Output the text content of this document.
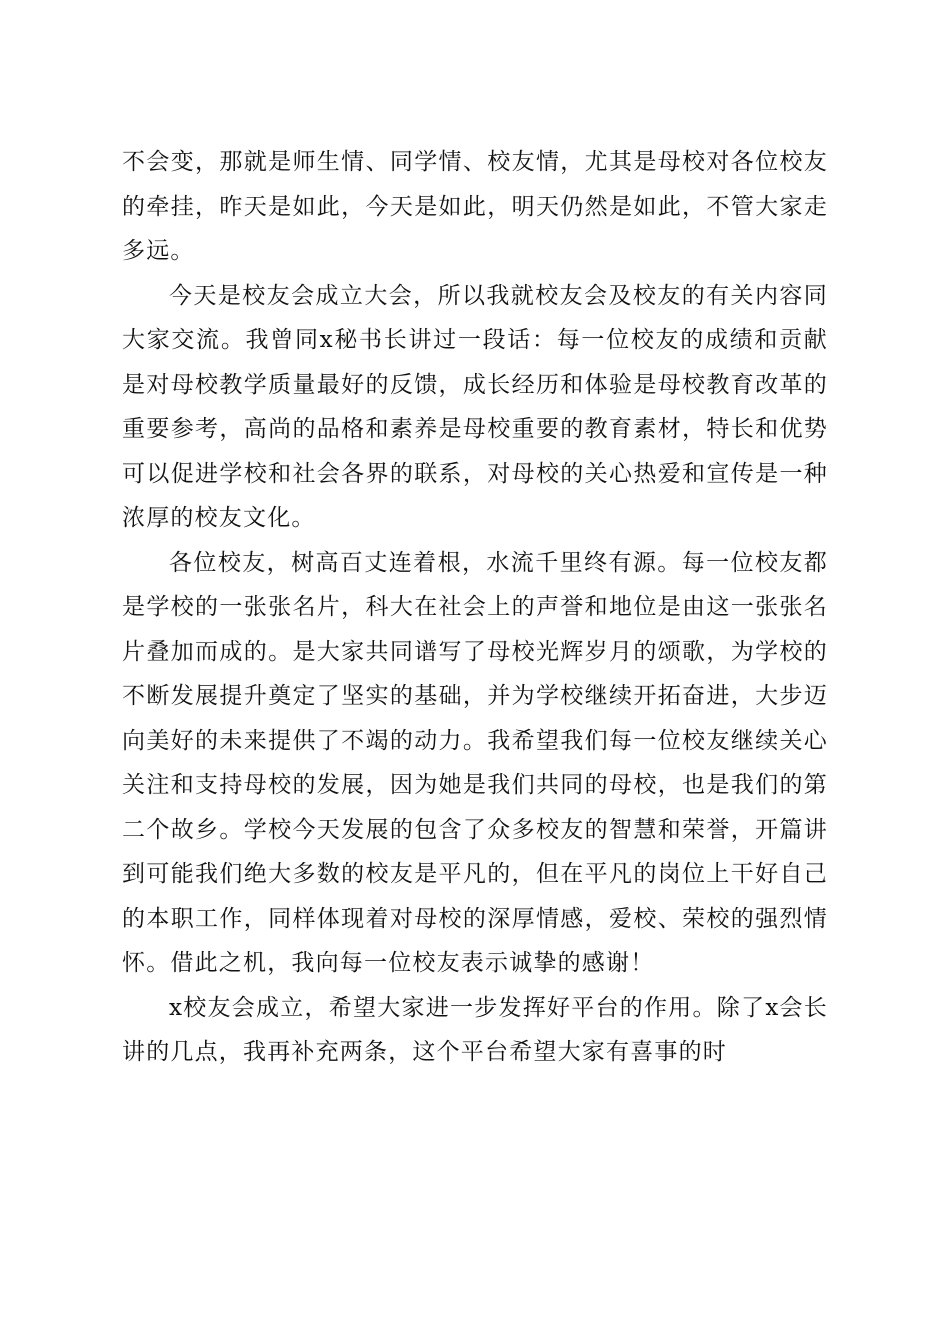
不会变，那就是师生情、同学情、校友情，尤其是母校对各位校友的牵挂，昨天是如此，今天是如此，明天仍然是如此，不管大家走多远。

今天是校友会成立大会，所以我就校友会及校友的有关内容同大家交流。我曾同x秘书长讲过一段话：每一位校友的成绩和贡献是对母校教学质量最好的反馈，成长经历和体验是母校教育改革的重要参考，高尚的品格和素养是母校重要的教育素材，特长和优势可以促进学校和社会各界的联系，对母校的关心热爱和宣传是一种浓厚的校友文化。

各位校友，树高百丈连着根，水流千里终有源。每一位校友都是学校的一张张名片，科大在社会上的声誉和地位是由这一张张名片叠加而成的。是大家共同谱写了母校光辉岁月的颂歌，为学校的不断发展提升奠定了坚实的基础，并为学校继续开拓奋进，大步迈向美好的未来提供了不竭的动力。我希望我们每一位校友继续关心关注和支持母校的发展，因为她是我们共同的母校，也是我们的第二个故乡。学校今天发展的包含了众多校友的智慧和荣誉，开篇讲到可能我们绝大多数的校友是平凡的，但在平凡的岗位上干好自己的本职工作，同样体现着对母校的深厚情感，爱校、荣校的强烈情怀。借此之机，我向每一位校友表示诚挚的感谢！

x校友会成立，希望大家进一步发挥好平台的作用。除了x会长讲的几点，我再补充两条，这个平台希望大家有喜事的时
